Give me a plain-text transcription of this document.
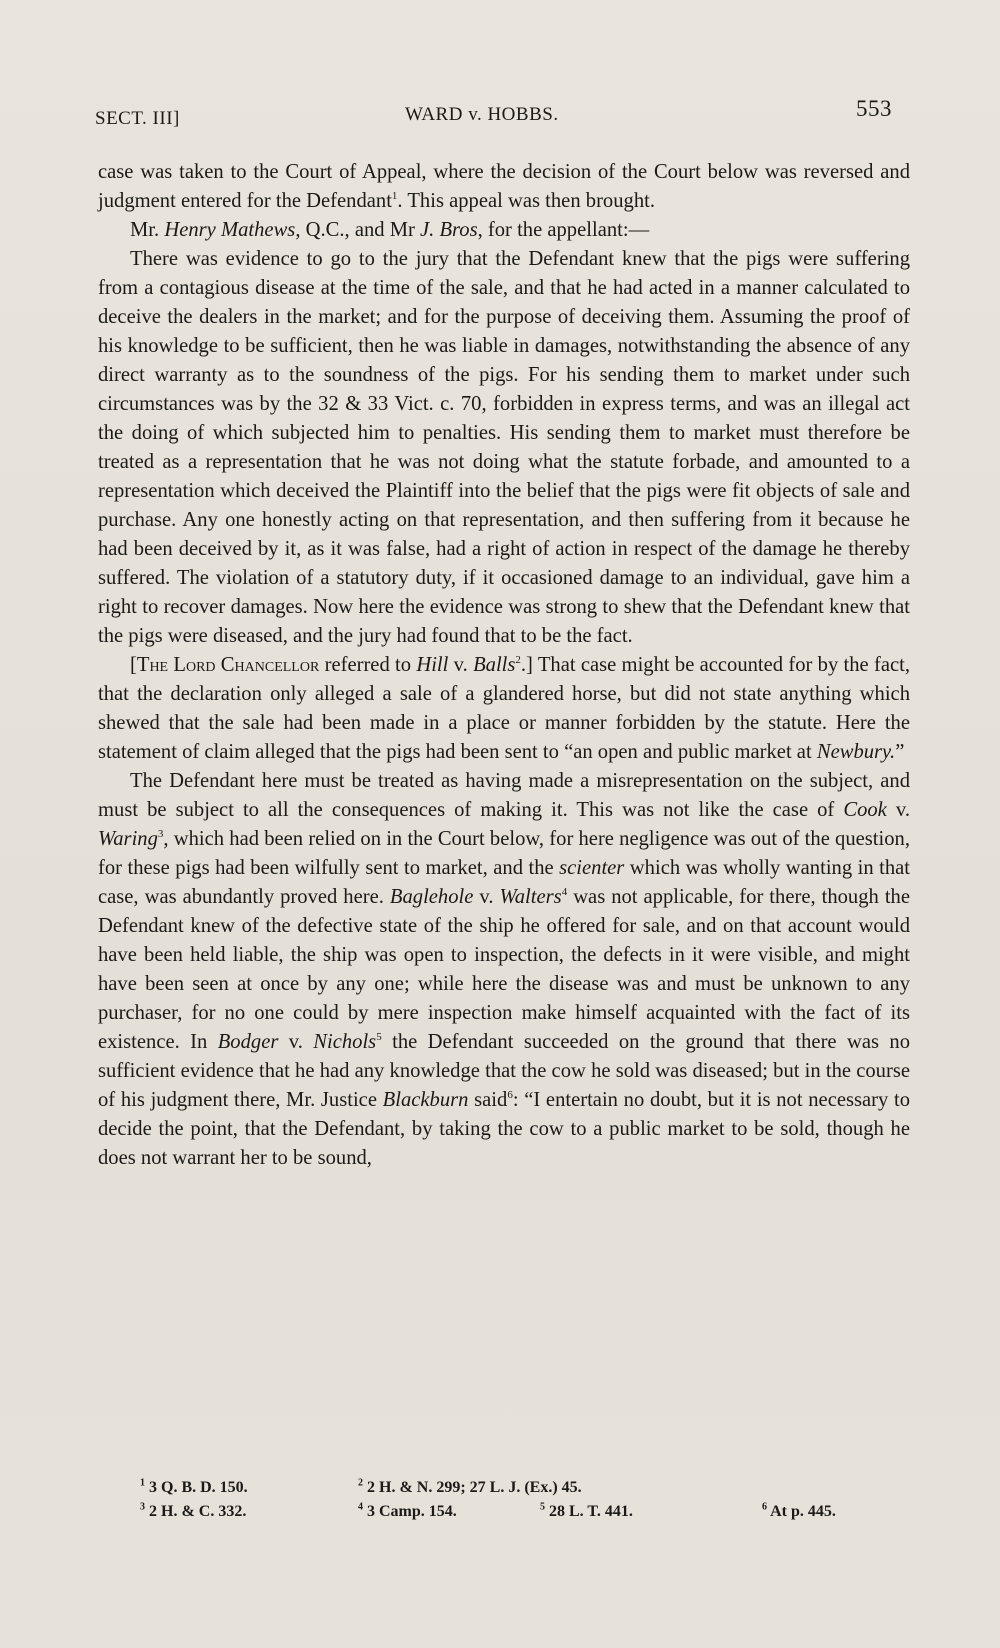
SECT. III]	WARD v. HOBBS.	553

case was taken to the Court of Appeal, where the decision of the Court below was reversed and judgment entered for the Defendant$^1$. This appeal was then brought.

Mr. Henry Mathews, Q.C., and Mr J. Bros, for the appellant:—

There was evidence to go to the jury that the Defendant knew that the pigs were suffering from a contagious disease at the time of the sale, and that he had acted in a manner calculated to deceive the dealers in the market; and for the purpose of deceiving them. Assuming the proof of his knowledge to be sufficient, then he was liable in damages, notwithstanding the absence of any direct warranty as to the soundness of the pigs. For his sending them to market under such circumstances was by the 32 & 33 Vict. c. 70, forbidden in express terms, and was an illegal act the doing of which subjected him to penalties. His sending them to market must therefore be treated as a representation that he was not doing what the statute forbade, and amounted to a representation which deceived the Plaintiff into the belief that the pigs were fit objects of sale and purchase. Any one honestly acting on that representation, and then suffering from it because he had been deceived by it, as it was false, had a right of action in respect of the damage he thereby suffered. The violation of a statutory duty, if it occasioned damage to an individual, gave him a right to recover damages. Now here the evidence was strong to shew that the Defendant knew that the pigs were diseased, and the jury had found that to be the fact.

[The Lord Chancellor referred to Hill v. Balls$^2$.] That case might be accounted for by the fact, that the declaration only alleged a sale of a glandered horse, but did not state anything which shewed that the sale had been made in a place or manner forbidden by the statute. Here the statement of claim alleged that the pigs had been sent to “an open and public market at Newbury.”

The Defendant here must be treated as having made a misrepresentation on the subject, and must be subject to all the consequences of making it. This was not like the case of Cook v. Waring$^3$, which had been relied on in the Court below, for here negligence was out of the question, for these pigs had been wilfully sent to market, and the scienter which was wholly wanting in that case, was abundantly proved here. Baglehole v. Walters$^4$ was not applicable, for there, though the Defendant knew of the defective state of the ship he offered for sale, and on that account would have been held liable, the ship was open to inspection, the defects in it were visible, and might have been seen at once by any one; while here the disease was and must be unknown to any purchaser, for no one could by mere inspection make himself acquainted with the fact of its existence. In Bodger v. Nichols$^5$ the Defendant succeeded on the ground that there was no sufficient evidence that he had any knowledge that the cow he sold was diseased; but in the course of his judgment there, Mr. Justice Blackburn said$^6$: “I entertain no doubt, but it is not necessary to decide the point, that the Defendant, by taking the cow to a public market to be sold, though he does not warrant her to be sound,

$^1$ 3 Q. B. D. 150.	$^2$ 2 H. & N. 299; 27 L. J. (Ex.) 45.
$^3$ 2 H. & C. 332.	$^4$ 3 Camp. 154.	$^5$ 28 L. T. 441.	$^6$ At p. 445.
